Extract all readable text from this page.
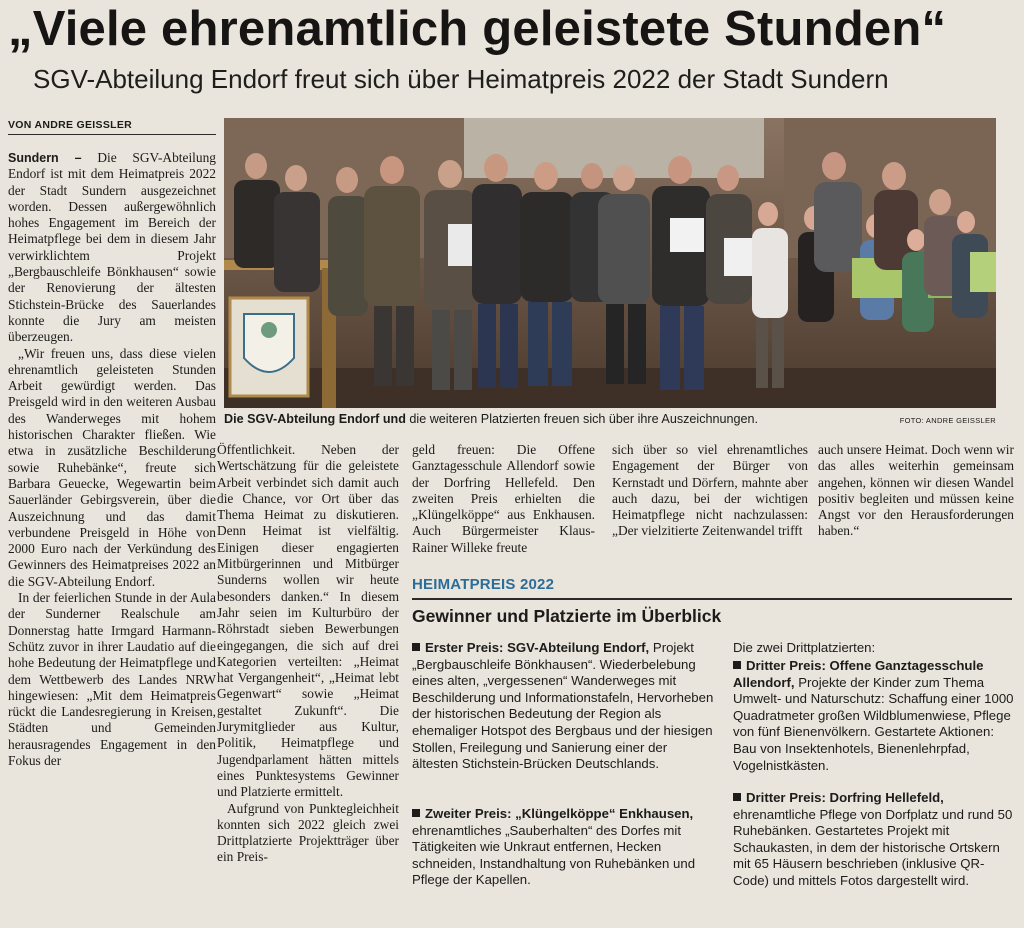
„Viele ehrenamtlich geleistete Stunden“
SGV-Abteilung Endorf freut sich über Heimatpreis 2022 der Stadt Sundern
VON ANDRE GEISSLER

Sundern – Die SGV-Abteilung Endorf ist mit dem Heimatpreis 2022 der Stadt Sundern ausgezeichnet worden. Dessen außergewöhnlich hohes Engagement im Bereich der Heimatpflege bei dem in diesem Jahr verwirklichtem Projekt „Bergbauschleife Bönkhausen“ sowie der Renovierung der ältesten Stichstein-Brücke des Sauerlandes konnte die Jury am meisten überzeugen.

„Wir freuen uns, dass diese vielen ehrenamtlich geleisteten Stunden Arbeit gewürdigt werden. Das Preisgeld wird in den weiteren Ausbau des Wanderweges mit hohem historischen Charakter fließen. Wie etwa in zusätzliche Beschilderung sowie Ruhebänke“, freute sich Barbara Geuecke, Wegewartin beim Sauerländer Gebirgsverein, über die Auszeichnung und das damit verbundene Preisgeld in Höhe von 2000 Euro nach der Verkündung des Gewinners des Heimatpreises 2022 an die SGV-Abteilung Endorf.

In der feierlichen Stunde in der Aula der Sunderner Realschule am Donnerstag hatte Irmgard Harmann-Schütz zuvor in ihrer Laudatio auf die hohe Bedeutung der Heimatpflege und dem Wettbewerb des Landes NRW hingewiesen: „Mit dem Heimatpreis rückt die Landesregierung in Kreisen, Städten und Gemeinden herausragendes Engagement in den Fokus der

Die SGV-Abteilung Endorf und die weiteren Platzierten freuen sich über ihre Auszeichnungen.	FOTO: ANDRE GEISSLER

Öffentlichkeit. Neben der Wertschätzung für die geleistete Arbeit verbindet sich damit auch die Chance, vor Ort über das Thema Heimat zu diskutieren. Denn Heimat ist vielfältig. Einigen dieser engagierten Mitbürgerinnen und Mitbürger Sunderns wollen wir heute besonders danken.“ In diesem Jahr seien im Kulturbüro der Röhrstadt sieben Bewerbungen eingegangen, die sich auf drei Kategorien verteilten: „Heimat hat Vergangenheit“, „Heimat lebt Gegenwart“ sowie „Heimat gestaltet Zukunft“. Die Jurymitglieder aus Kultur, Politik, Heimatpflege und Jugendparlament hätten mittels eines Punktesystems Gewinner und Platzierte ermittelt.

Aufgrund von Punktegleichheit konnten sich 2022 gleich zwei Drittplatzierte Projektträger über ein Preis-

geld freuen: Die Offene Ganztagesschule Allendorf sowie der Dorfring Hellefeld. Den zweiten Preis erhielten die „Klüngelköppe“ aus Enkhausen. Auch Bürgermeister Klaus-Rainer Willeke freute

sich über so viel ehrenamtliches Engagement der Bürger von Kernstadt und Dörfern, mahnte aber auch dazu, bei der wichtigen Heimatpflege nicht nachzulassen: „Der vielzitierte Zeitenwandel trifft

auch unsere Heimat. Doch wenn wir das alles weiterhin gemeinsam angehen, können wir diesen Wandel positiv begleiten und müssen keine Angst vor den Herausforderungen haben.“

HEIMATPREIS 2022
Gewinner und Platzierte im Überblick
Erster Preis: SGV-Abteilung Endorf, Projekt „Bergbauschleife Bönkhausen“. Wiederbelebung eines alten, „vergessenen“ Wanderweges mit Beschilderung und Informationstafeln, Hervorheben der historischen Bedeutung der Region als ehemaliger Hotspot des Bergbaus und der hiesigen Stollen, Freilegung und Sanierung einer der ältesten Stichstein-Brücken Deutschlands.
Zweiter Preis: „Klüngelköppe“ Enkhausen, ehrenamtliches „Sauberhalten“ des Dorfes mit Tätigkeiten wie Unkraut entfernen, Hecken schneiden, Instandhaltung von Ruhebänken und Pflege der Kapellen.
Die zwei Drittplatzierten:
Dritter Preis: Offene Ganztagesschule Allendorf, Projekte der Kinder zum Thema Umwelt- und Naturschutz: Schaffung einer 1000 Quadratmeter großen Wildblumenwiese, Pflege von fünf Bienenvölkern. Gestartete Aktionen: Bau von Insektenhotels, Bienenlehrpfad, Vogelnistkästen.
Dritter Preis: Dorfring Hellefeld, ehrenamtliche Pflege von Dorfplatz und rund 50 Ruhebänken. Gestartetes Projekt mit Schaukasten, in dem der historische Ortskern mit 65 Häusern beschrieben (inklusive QR-Code) und mittels Fotos dargestellt wird.
